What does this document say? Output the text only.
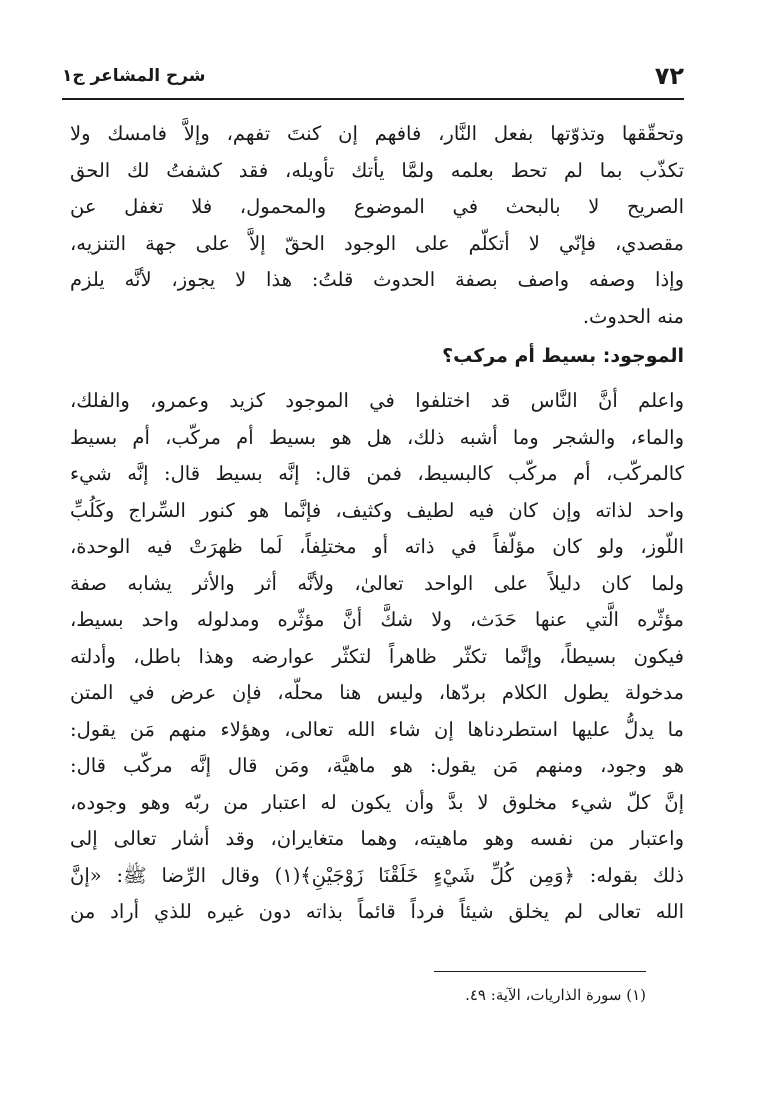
٧٢
شرح المشاعر ج١
وتحقّقها وتذوّتها بفعل النَّار، فافهم إن كنتَ تفهم، وإلاَّ فامسك ولا
تكذّب بما لم تحط بعلمه ولمَّا يأتك تأويله، فقد كشفتُ لك الحق
الصريح لا بالبحث في الموضوع والمحمول، فلا تغفل عن
مقصدي، فإنّي لا أتكلّم على الوجود الحقّ إلاَّ على جهة التنزيه،
وإذا وصفه واصف بصفة الحدوث قلتُ: هذا لا يجوز، لأنَّه يلزم
منه الحدوث.
الموجود: بسيط أم مركب؟
واعلم أنَّ النَّاس قد اختلفوا في الموجود كزيد وعمرو، والفلك،
والماء، والشجر وما أشبه ذلك، هل هو بسيط أم مركّب، أم بسيط
كالمركّب، أم مركّب كالبسيط، فمن قال: إنَّه بسيط قال: إنَّه شيء
واحد لذاته وإن كان فيه لطيف وكثيف، فإنَّما هو كنور السِّراج وكَلُبِّ
اللّوز، ولو كان مؤلّفاً في ذاته أو مختلِفاً، لَما ظهرَتْ فيه الوحدة،
ولما كان دليلاً على الواحد تعالىٰ، ولأنَّه أثر والأثر يشابه صفة
مؤثّره الَّتي عنها حَدَث، ولا شكَّ أنَّ مؤثّره ومدلوله واحد بسيط،
فيكون بسيطاً، وإنَّما تكثّر ظاهراً لتكثّر عوارضه وهذا باطل، وأدلته
مدخولة يطول الكلام بردّها، وليس هنا محلّه، فإن عرض في المتن
ما يدلُّ عليها استطردناها إن شاء الله تعالى، وهؤلاء منهم مَن يقول:
هو وجود، ومنهم مَن يقول: هو ماهيَّة، ومَن قال إنَّه مركّب قال:
إنَّ كلّ شيء مخلوق لا بدَّ وأن يكون له اعتبار من ربّه وهو وجوده،
واعتبار من نفسه وهو ماهيته، وهما متغايران، وقد أشار تعالى إلى
ذلك بقوله: ﴿وَمِن كُلِّ شَيْءٍ خَلَقْنَا زَوْجَيْنِ﴾(١) وقال الرِّضا ﷺ: «إنَّ
الله تعالى لم يخلق شيئاً فرداً قائماً بذاته دون غيره للذي أراد من
(١) سورة الذاريات، الآية: ٤٩.
